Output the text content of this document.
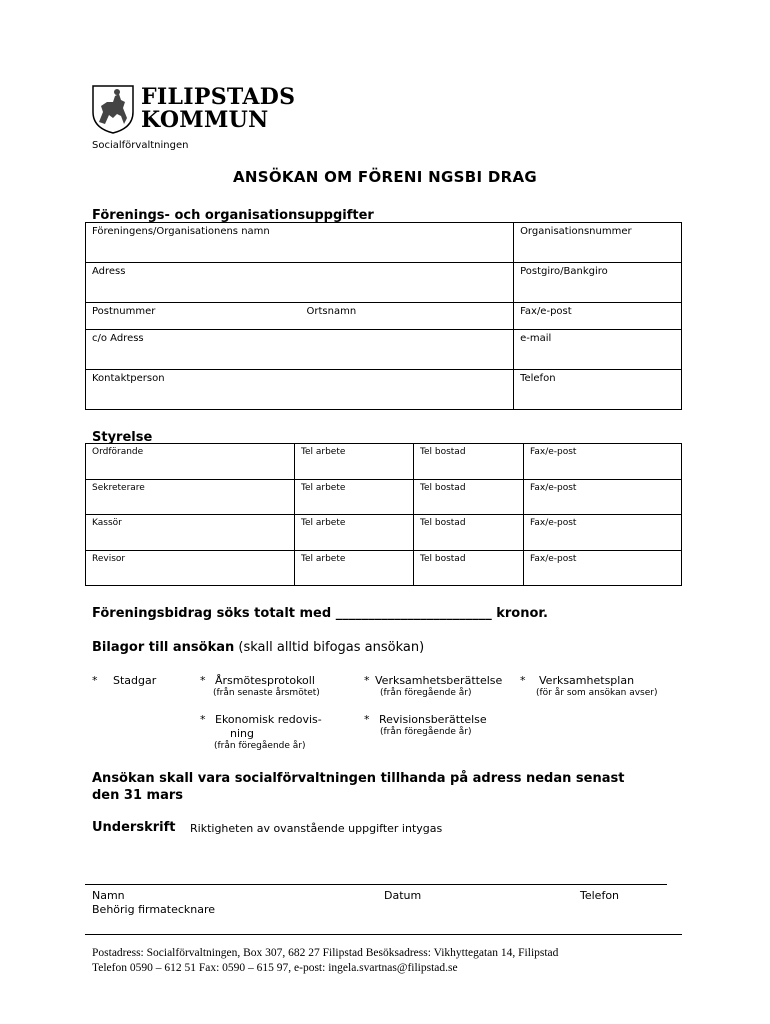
FILIPSTADS
KOMMUN
Socialförvaltningen
ANSÖKAN OM FÖRENI NGSBI DRAG
Förenings- och organisationsuppgifter
Föreningens/Organisationens namn		Organisationsnummer
Adress		Postgiro/Bankgiro
Postnummer	Ortsnamn	Fax/e-post
c/o Adress		e-mail
Kontaktperson		Telefon
Styrelse
Ordförande	Tel arbete	Tel bostad	Fax/e-post
Sekreterare	Tel arbete	Tel bostad	Fax/e-post
Kassör	Tel arbete	Tel bostad	Fax/e-post
Revisor	Tel arbete	Tel bostad	Fax/e-post
Föreningsbidrag söks totalt med ________________________ kronor.
Bilagor till ansökan (skall alltid bifogas ansökan)
* Stadgar	* Årsmötesprotokoll
(från senaste årsmötet)
* Verksamhetsberättelse
(från föregående år)
* Verksamhetsplan
(för år som ansökan avser)
* Ekonomisk redovis-
ning
(från föregående år)
* Revisionsberättelse
(från föregående år)
Ansökan skall vara socialförvaltningen tillhanda på adress nedan senast
den 31 mars
Underskrift Riktigheten av ovanstående uppgifter intygas
Namn
Behörig firmatecknare
Datum	Telefon
Postadress: Socialförvaltningen, Box 307, 682 27 Filipstad Besöksadress: Vikhyttegatan 14, Filipstad
Telefon 0590 – 612 51 Fax: 0590 – 615 97, e-post: ingela.svartnas@filipstad.se
